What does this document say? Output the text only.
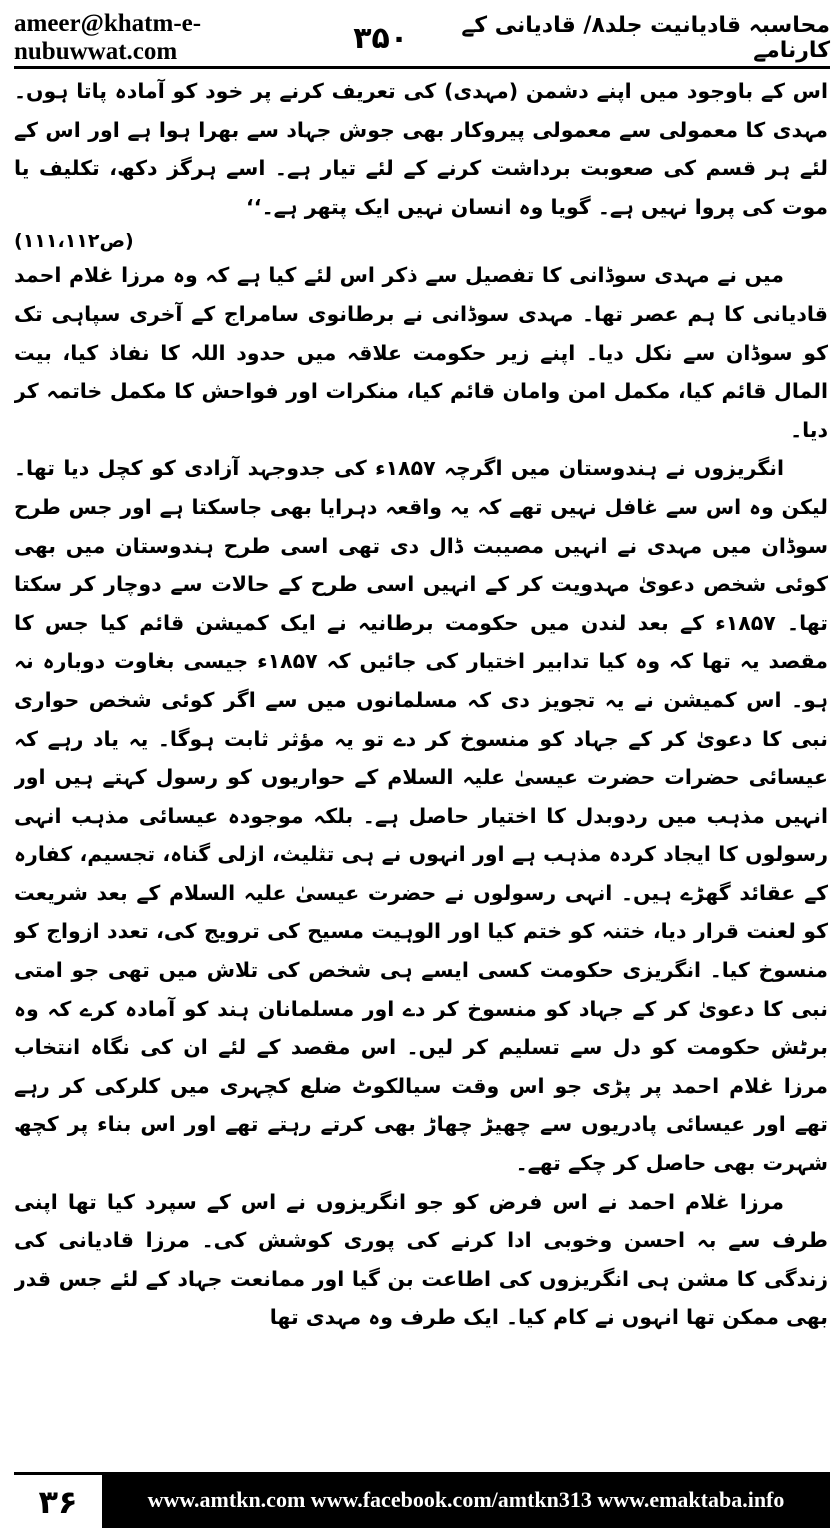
ameer@khatm-e-nubuwwat.com	۳۵۰	محاسبہ قادیانیت جلد۸/ قادیانی کے کارنامے

اس کے باوجود میں اپنے دشمن (مہدی) کی تعریف کرنے پر خود کو آمادہ پاتا ہوں۔ مہدی کا معمولی سے معمولی پیروکار بھی جوش جہاد سے بھرا ہوا ہے اور اس کے لئے ہر قسم کی صعوبت برداشت کرنے کے لئے تیار ہے۔ اسے ہرگز دکھ، تکلیف یا موت کی پروا نہیں ہے۔ گویا وہ انسان نہیں ایک پتھر ہے۔‘‘

(ص۱۱۱،۱۱۲)

میں نے مہدی سوڈانی کا تفصیل سے ذکر اس لئے کیا ہے کہ وہ مرزا غلام احمد قادیانی کا ہم عصر تھا۔ مہدی سوڈانی نے برطانوی سامراج کے آخری سپاہی تک کو سوڈان سے نکل دیا۔ اپنے زیر حکومت علاقہ میں حدود اللہ کا نفاذ کیا، بیت المال قائم کیا، مکمل امن وامان قائم کیا، منکرات اور فواحش کا مکمل خاتمہ کر دیا۔

انگریزوں نے ہندوستان میں اگرچہ ۱۸۵۷ء کی جدوجہد آزادی کو کچل دیا تھا۔ لیکن وہ اس سے غافل نہیں تھے کہ یہ واقعہ دہرایا بھی جاسکتا ہے اور جس طرح سوڈان میں مہدی نے انہیں مصیبت ڈال دی تھی اسی طرح ہندوستان میں بھی کوئی شخص دعویٰ مہدویت کر کے انہیں اسی طرح کے حالات سے دوچار کر سکتا تھا۔ ۱۸۵۷ء کے بعد لندن میں حکومت برطانیہ نے ایک کمیشن قائم کیا جس کا مقصد یہ تھا کہ وہ کیا تدابیر اختیار کی جائیں کہ ۱۸۵۷ء جیسی بغاوت دوبارہ نہ ہو۔ اس کمیشن نے یہ تجویز دی کہ مسلمانوں میں سے اگر کوئی شخص حواری نبی کا دعویٰ کر کے جہاد کو منسوخ کر دے تو یہ مؤثر ثابت ہوگا۔ یہ یاد رہے کہ عیسائی حضرات حضرت عیسیٰ علیہ السلام کے حواریوں کو رسول کہتے ہیں اور انہیں مذہب میں ردوبدل کا اختیار حاصل ہے۔ بلکہ موجودہ عیسائی مذہب انہی رسولوں کا ایجاد کردہ مذہب ہے اور انہوں نے ہی تثلیث، ازلی گناہ، تجسیم، کفارہ کے عقائد گھڑے ہیں۔ انہی رسولوں نے حضرت عیسیٰ علیہ السلام کے بعد شریعت کو لعنت قرار دیا، ختنہ کو ختم کیا اور الوہیت مسیح کی ترویج کی، تعدد ازواج کو منسوخ کیا۔ انگریزی حکومت کسی ایسے ہی شخص کی تلاش میں تھی جو امتی نبی کا دعویٰ کر کے جہاد کو منسوخ کر دے اور مسلمانان ہند کو آمادہ کرے کہ وہ برٹش حکومت کو دل سے تسلیم کر لیں۔ اس مقصد کے لئے ان کی نگاہ انتخاب مرزا غلام احمد پر پڑی جو اس وقت سیالکوٹ ضلع کچہری میں کلرکی کر رہے تھے اور عیسائی پادریوں سے چھیڑ چھاڑ بھی کرتے رہتے تھے اور اس بناء پر کچھ شہرت بھی حاصل کر چکے تھے۔

مرزا غلام احمد نے اس فرض کو جو انگریزوں نے اس کے سپرد کیا تھا اپنی طرف سے بہ احسن وخوبی ادا کرنے کی پوری کوشش کی۔ مرزا قادیانی کی زندگی کا مشن ہی انگریزوں کی اطاعت بن گیا اور ممانعت جہاد کے لئے جس قدر بھی ممکن تھا انہوں نے کام کیا۔ ایک طرف وہ مہدی تھا

۳۶	www.amtkn.com www.facebook.com/amtkn313 www.emaktaba.info
